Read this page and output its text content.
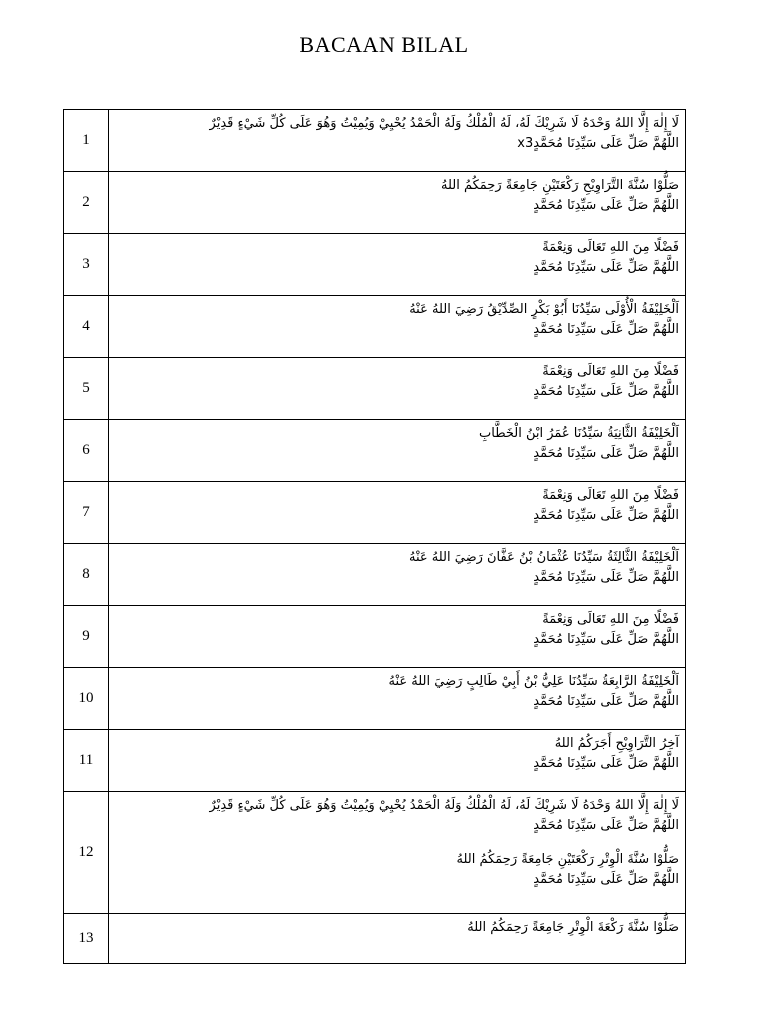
BACAAN BILAL
1	لَا إِلٰهَ إِلَّا اللهُ وَحْدَهُ لَا شَرِيْكَ لَهُ، لَهُ الْمُلْكُ وَلَهُ الْحَمْدُ يُحْيِيْ وَيُمِيْتُ وَهُوَ عَلَى كُلِّ شَيْءٍ قَدِيْرٌ
x3اللَّهُمَّ صَلِّ عَلَى سَيِّدِنَا مُحَمَّدٍ

2	صَلُّوْا سُنَّةَ التَّرَاوِيْحِ رَكْعَتَيْنِ جَامِعَةً رَحِمَكُمُ اللهُ
اللَّهُمَّ صَلِّ عَلَى سَيِّدِنَا مُحَمَّدٍ

3	فَضْلًا مِنَ اللهِ تَعَالَى وَنِعْمَةً
اللَّهُمَّ صَلِّ عَلَى سَيِّدِنَا مُحَمَّدٍ

4	اَلْخَلِيْفَةُ الْأُوْلَى سَيِّدُنَا أَبُوْ بَكْرٍ الصِّدِّيْقُ رَضِيَ اللهُ عَنْهُ
اللَّهُمَّ صَلِّ عَلَى سَيِّدِنَا مُحَمَّدٍ

5	فَضْلًا مِنَ اللهِ تَعَالَى وَنِعْمَةً
اللَّهُمَّ صَلِّ عَلَى سَيِّدِنَا مُحَمَّدٍ

6	اَلْخَلِيْفَةُ الثَّانِيَةُ سَيِّدُنَا عُمَرُ ابْنُ الْخَطَّابِ
اللَّهُمَّ صَلِّ عَلَى سَيِّدِنَا مُحَمَّدٍ

7	فَضْلًا مِنَ اللهِ تَعَالَى وَنِعْمَةً
اللَّهُمَّ صَلِّ عَلَى سَيِّدِنَا مُحَمَّدٍ

8	اَلْخَلِيْفَةُ الثَّالِثَةُ سَيِّدُنَا عُثْمَانُ بْنُ عَفَّانَ رَضِيَ اللهُ عَنْهُ
اللَّهُمَّ صَلِّ عَلَى سَيِّدِنَا مُحَمَّدٍ

9	فَضْلًا مِنَ اللهِ تَعَالَى وَنِعْمَةً
اللَّهُمَّ صَلِّ عَلَى سَيِّدِنَا مُحَمَّدٍ

10	اَلْخَلِيْفَةُ الرَّابِعَةُ سَيِّدُنَا عَلِيُّ بْنُ أَبِيْ طَالِبٍ رَضِيَ اللهُ عَنْهُ
اللَّهُمَّ صَلِّ عَلَى سَيِّدِنَا مُحَمَّدٍ

11	آخِرُ التَّرَاوِيْحِ أَجَرَكُمُ اللهُ
اللَّهُمَّ صَلِّ عَلَى سَيِّدِنَا مُحَمَّدٍ

12	لَا إِلٰهَ إِلَّا اللهُ وَحْدَهُ لَا شَرِيْكَ لَهُ، لَهُ الْمُلْكُ وَلَهُ الْحَمْدُ يُحْيِيْ وَيُمِيْتُ وَهُوَ عَلَى كُلِّ شَيْءٍ قَدِيْرٌ
اللَّهُمَّ صَلِّ عَلَى سَيِّدِنَا مُحَمَّدٍ
صَلُّوْا سُنَّةَ الْوِتْرِ رَكْعَتَيْنِ جَامِعَةً رَحِمَكُمُ اللهُ
اللَّهُمَّ صَلِّ عَلَى سَيِّدِنَا مُحَمَّدٍ

13	صَلُّوْا سُنَّةَ رَكْعَةَ الْوِتْرِ جَامِعَةً رَحِمَكُمُ اللهُ
